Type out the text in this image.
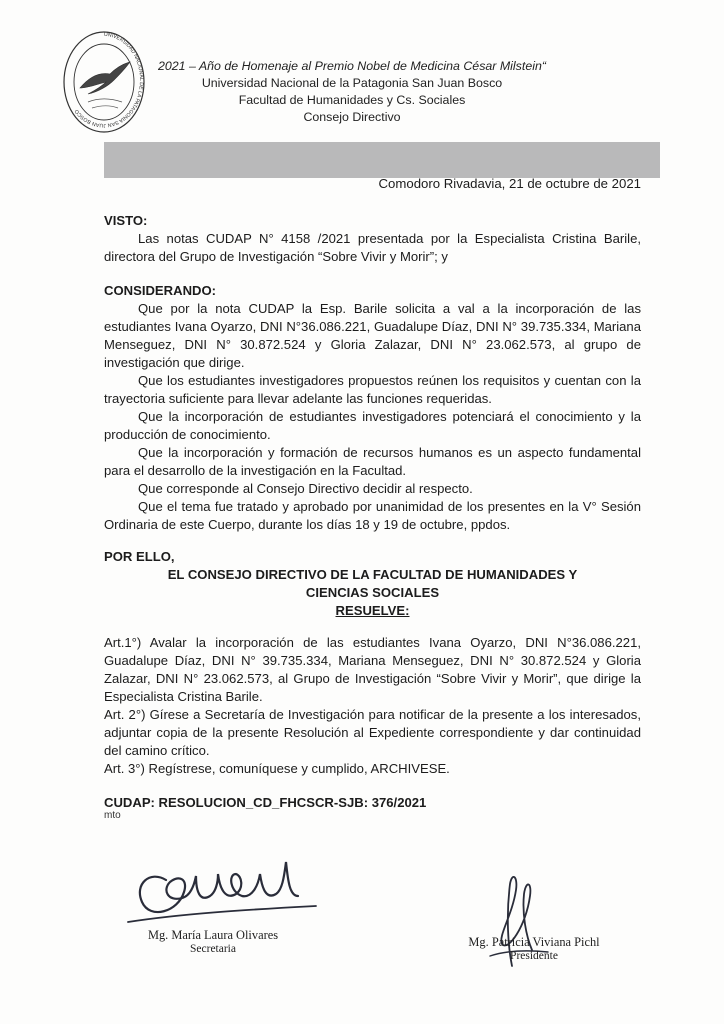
UNIVERSIDAD NACIONAL DE LA PATAGONIA SAN JUAN BOSCO
2021 – Año de Homenaje al Premio Nobel de Medicina César Milstein“
Universidad Nacional de la Patagonia San Juan Bosco
Facultad de Humanidades y Cs. Sociales
Consejo Directivo
Comodoro Rivadavia, 21 de octubre de 2021

VISTO:

Las notas CUDAP N° 4158 /2021 presentada por la Especialista Cristina Barile, directora del Grupo de Investigación “Sobre Vivir y Morir”; y

CONSIDERANDO:

Que por la nota CUDAP la Esp. Barile solicita a val a la incorporación de las estudiantes Ivana Oyarzo, DNI N°36.086.221, Guadalupe Díaz, DNI N° 39.735.334, Mariana Menseguez, DNI N° 30.872.524 y Gloria Zalazar, DNI N° 23.062.573, al grupo de investigación que dirige.

Que los estudiantes investigadores propuestos reúnen los requisitos y cuentan con la trayectoria suficiente para llevar adelante las funciones requeridas.

Que la incorporación de estudiantes investigadores potenciará el conocimiento y la producción de conocimiento.

Que la incorporación y formación de recursos humanos es un aspecto fundamental para el desarrollo de la investigación en la Facultad.

Que corresponde al Consejo Directivo decidir al respecto.

Que el tema fue tratado y aprobado por unanimidad de los presentes en la V° Sesión Ordinaria de este Cuerpo, durante los días 18 y 19 de octubre, ppdos.

POR ELLO,

EL CONSEJO DIRECTIVO DE LA FACULTAD DE HUMANIDADES Y

CIENCIAS SOCIALES

RESUELVE:

Art.1°) Avalar la incorporación de las estudiantes Ivana Oyarzo, DNI N°36.086.221, Guadalupe Díaz, DNI N° 39.735.334, Mariana Menseguez, DNI N° 30.872.524 y Gloria Zalazar, DNI N° 23.062.573, al Grupo de Investigación “Sobre Vivir y Morir”, que dirige la Especialista Cristina Barile.

Art. 2°) Gírese a Secretaría de Investigación para notificar de la presente a los interesados, adjuntar copia de la presente Resolución al Expediente correspondiente y dar continuidad del camino crítico.

Art. 3°) Regístrese, comuníquese y cumplido, ARCHIVESE.

CUDAP: RESOLUCION_CD_FHCSCR-SJB: 376/2021
mto
Mg. María Laura Olivares
Secretaria	Mg. Patricia Viviana Pichl
Presidente
